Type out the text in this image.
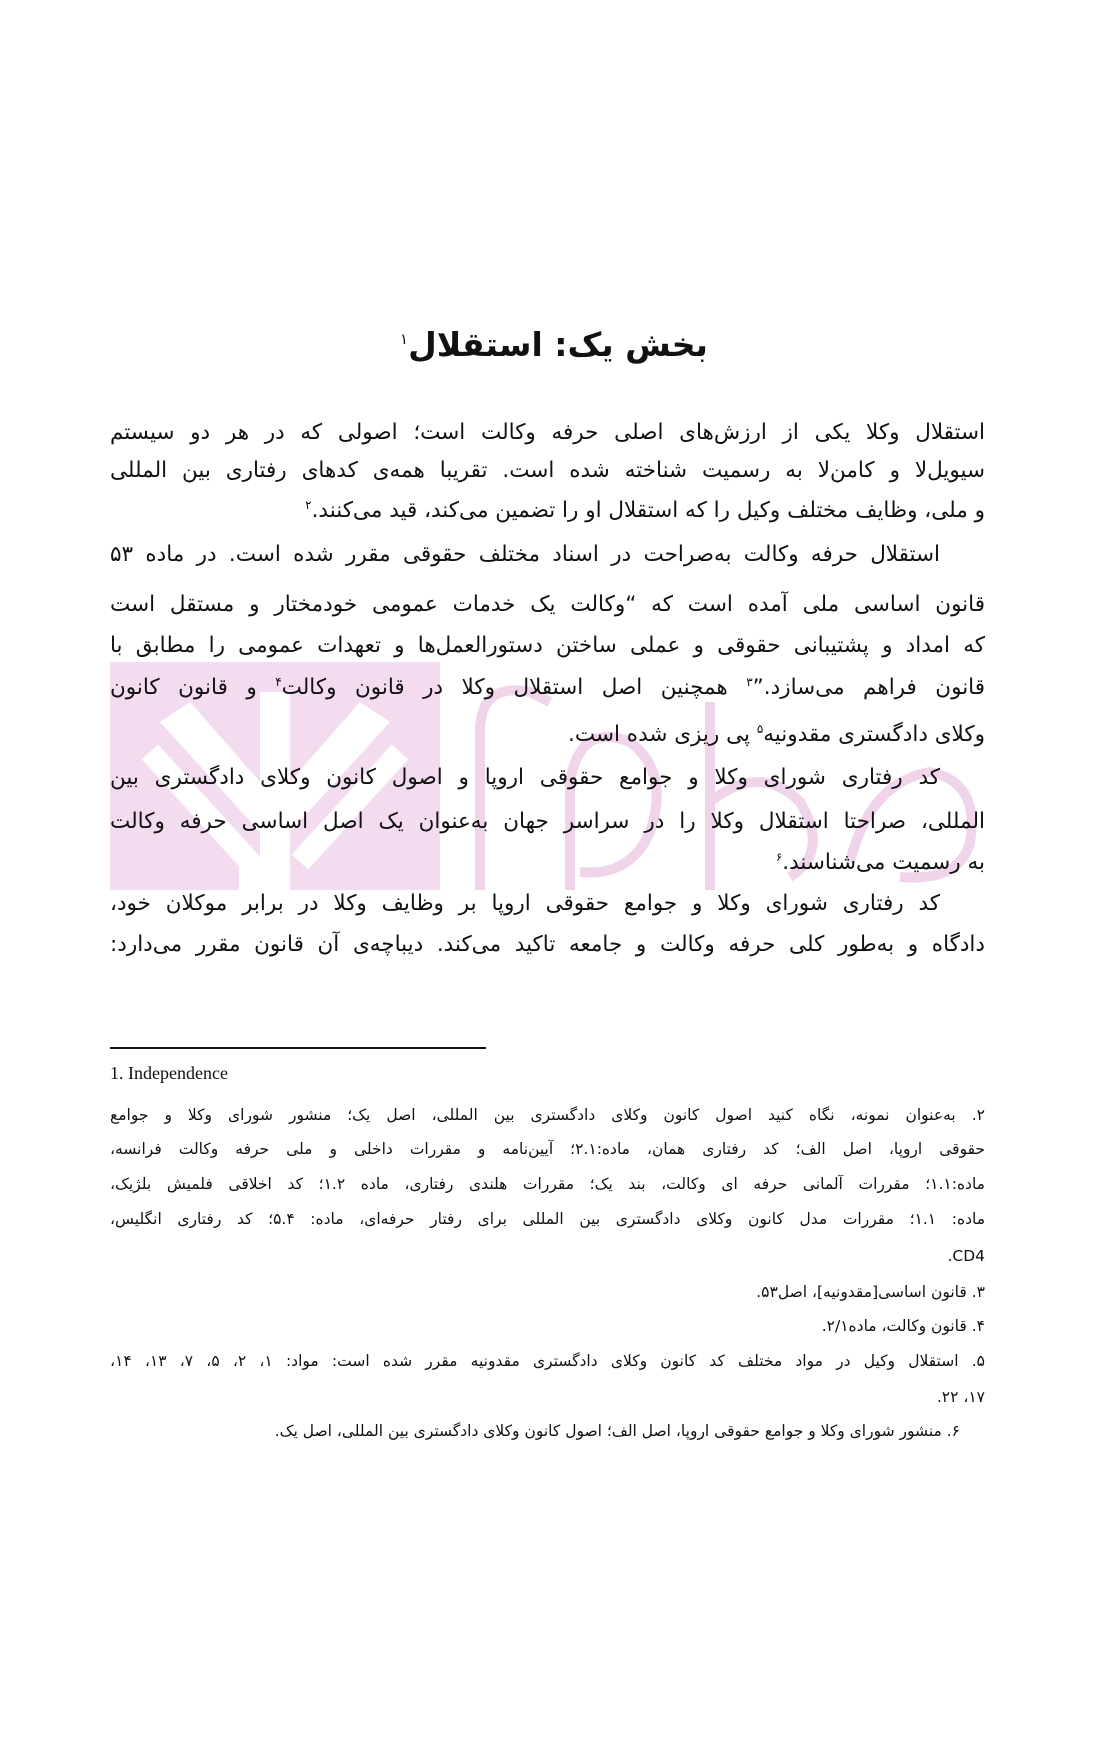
بخش یک: استقلال$^۱$
استقلال وکلا یکی از ارزش‌های اصلی حرفه وکالت است؛ اصولی که در هر دو سیستم
سیویل‌لا و کامن‌لا به رسمیت شناخته شده است. تقریبا همه‌ی کدهای رفتاری بین المللی
و ملی، وظایف مختلف وکیل را که استقلال او را تضمین می‌کند، قید می‌کنند.$^۲$
استقلال حرفه وکالت به‌صراحت در اسناد مختلف حقوقی مقرر شده است. در ماده ۵۳
قانون اساسی ملی آمده است که “وکالت یک خدمات عمومی خودمختار و مستقل است
که امداد و پشتیبانی حقوقی و عملی ساختن دستورالعمل‌ها و تعهدات عمومی را مطابق با
قانون فراهم می‌سازد.”$^۳$ همچنین اصل استقلال وکلا در قانون وکالت$^۴$ و قانون کانون
وکلای دادگستری مقدونیه$^۵$ پی ریزی شده است.
کد رفتاری شورای وکلا و جوامع حقوقی اروپا و اصول کانون وکلای دادگستری بین
المللی، صراحتا استقلال وکلا را در سراسر جهان به‌عنوان یک اصل اساسی حرفه وکالت
به رسمیت می‌شناسند.$^۶$
کد رفتاری شورای وکلا و جوامع حقوقی اروپا بر وظایف وکلا در برابر موکلان خود،
دادگاه و به‌طور کلی حرفه وکالت و جامعه تاکید می‌کند. دیباچه‌ی آن قانون مقرر می‌دارد:
1. Independence
۲. به‌عنوان نمونه، نگاه کنید اصول کانون وکلای دادگستری بین المللی، اصل یک؛ منشور شورای وکلا و جوامع
حقوقی اروپا، اصل الف؛ کد رفتاری همان، ماده:۲.۱؛ آیین‌نامه و مقررات داخلی و ملی حرفه وکالت فرانسه،
ماده:۱.۱؛ مقررات آلمانی حرفه ای وکالت، بند یک؛ مقررات هلندی رفتاری، ماده ۱.۲؛ کد اخلاقی فلمیش بلژیک،
ماده: ۱.۱؛ مقررات مدل کانون وکلای دادگستری بین المللی برای رفتار حرفه‌ای، ماده: ۵.۴؛ کد رفتاری انگلیس،
CD4.
۳. قانون اساسی[مقدونیه]، اصل۵۳.
۴. قانون وکالت، ماده۲/۱.
۵. استقلال وکیل در مواد مختلف کد کانون وکلای دادگستری مقدونیه مقرر شده است: مواد: ۱، ۲، ۵، ۷، ۱۳، ۱۴،
۱۷، ۲۲.
۶. منشور شورای وکلا و جوامع حقوقی اروپا، اصل الف؛ اصول کانون وکلای دادگستری بین المللی، اصل یک.
